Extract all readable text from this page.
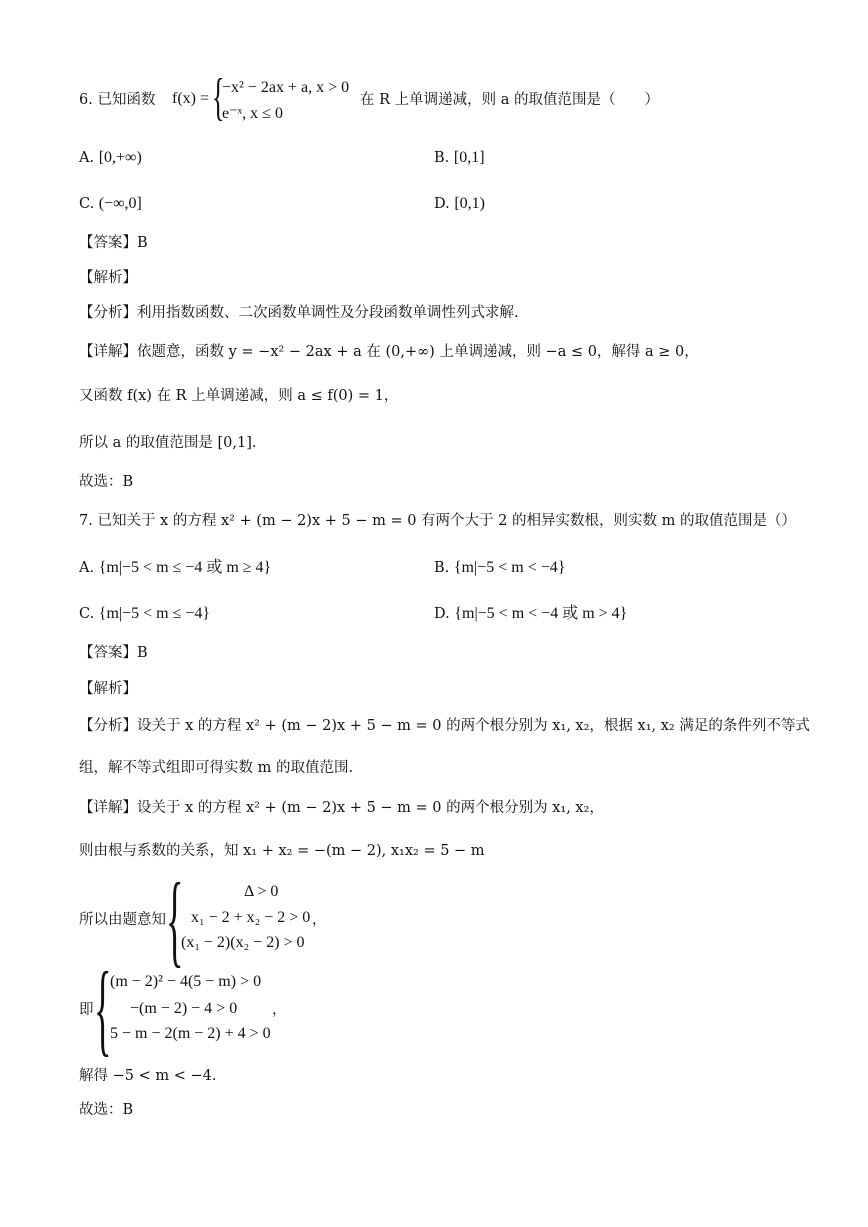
6. 已知函数 f(x) = {
−x² − 2ax + a, x > 0
e⁻ˣ, x ≤ 0
在 R 上单调递减，则 a 的取值范围是（　　）
A. [0,+∞)	B. [0,1]
C. (−∞,0]	D. [0,1)
【答案】B
【解析】
【分析】利用指数函数、二次函数单调性及分段函数单调性列式求解.
【详解】依题意，函数 y = −x² − 2ax + a 在 (0,+∞) 上单调递减，则 −a ≤ 0，解得 a ≥ 0，
又函数 f(x) 在 R 上单调递减，则 a ≤ f(0) = 1，
所以 a 的取值范围是 [0,1].
故选：B
7. 已知关于 x 的方程 x² + (m − 2)x + 5 − m = 0 有两个大于 2 的相异实数根，则实数 m 的取值范围是（）
A. {m|−5 < m ≤ −4 或 m ≥ 4}	B. {m|−5 < m < −4}
C. {m|−5 < m ≤ −4}	D. {m|−5 < m < −4 或 m > 4}
【答案】B
【解析】
【分析】设关于 x 的方程 x² + (m − 2)x + 5 − m = 0 的两个根分别为 x₁, x₂，根据 x₁, x₂ 满足的条件列不等式
组，解不等式组即可得实数 m 的取值范围.
【详解】设关于 x 的方程 x² + (m − 2)x + 5 − m = 0 的两个根分别为 x₁, x₂，
则由根与系数的关系，知 x₁ + x₂ = −(m − 2), x₁x₂ = 5 − m
所以由题意知 {	Δ > 0
x₁ − 2 + x₂ − 2 > 0
(x₁ − 2)(x₂ − 2) > 0
，
即 {
(m − 2)² − 4(5 − m) > 0
−(m − 2) − 4 > 0
5 − m − 2(m − 2) + 4 > 0
，
解得 −5 < m < −4.
故选：B
